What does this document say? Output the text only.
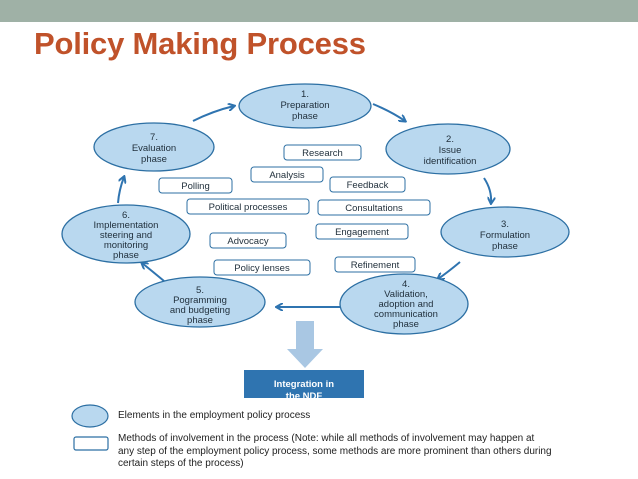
Policy Making Process
Integration in
the NDF
1.
Preparation
phase
2.
Issue
identification
3.
Formulation
phase
4.
Validation,
adoption and
communication
phase
5.
Pogramming
and budgeting
phase
6.
Implementation
steering and
monitoring
phase
7.
Evaluation
phase
Research
Analysis
Polling	Feedback
Political processes	Consultations
Engagement
Advocacy
Refinement
Policy lenses
Elements in the employment policy process
Methods of involvement in the process (Note: while all methods of involvement may happen at
any step of the employment policy process, some methods are more prominent than others during
certain steps of the process)
